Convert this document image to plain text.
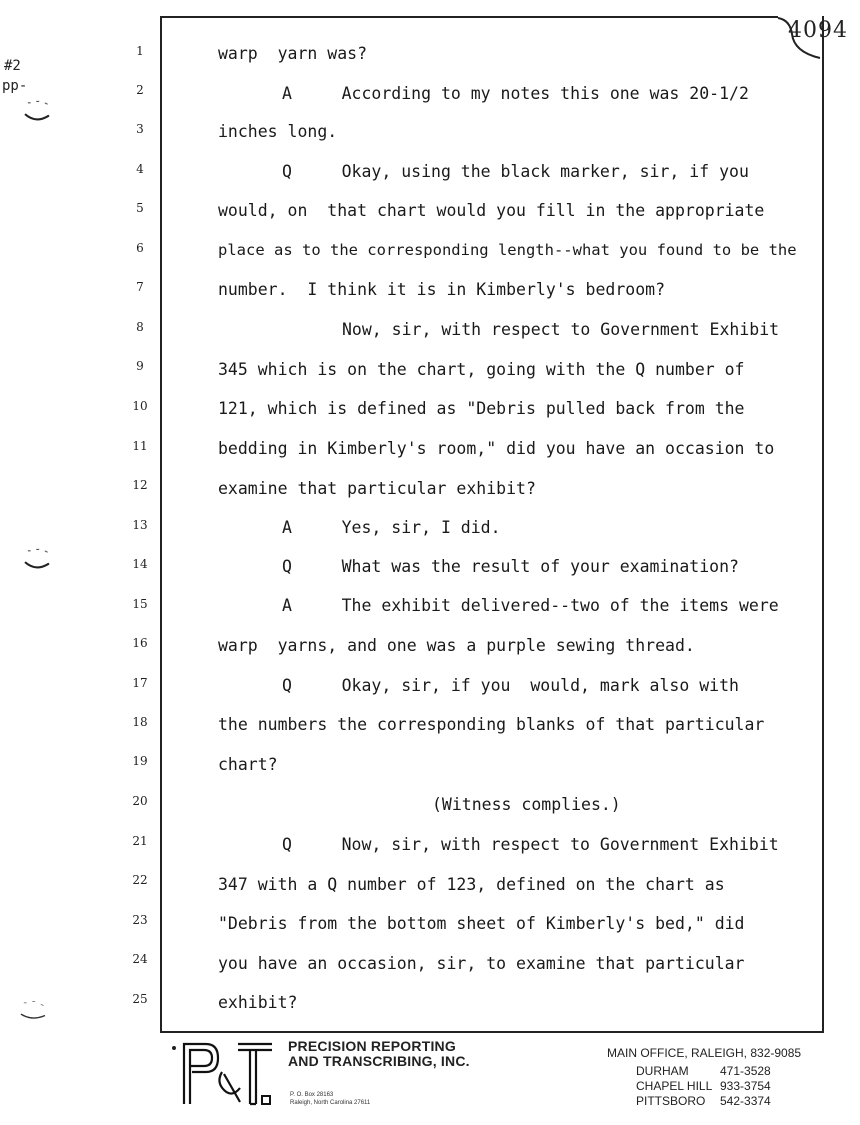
#2
pp-
4094
1
2
3
4
5
6
7
8
9
10
11
12
13
14
15
16
17
18
19
20
21
22
23
24
25
warp  yarn was?
A     According to my notes this one was 20-1/2
inches long.
Q     Okay, using the black marker, sir, if you
would, on  that chart would you fill in the appropriate
place as to the corresponding length--what you found to be the
number.  I think it is in Kimberly's bedroom?
Now, sir, with respect to Government Exhibit
345 which is on the chart, going with the Q number of
121, which is defined as "Debris pulled back from the
bedding in Kimberly's room," did you have an occasion to
examine that particular exhibit?
A     Yes, sir, I did.
Q     What was the result of your examination?
A     The exhibit delivered--two of the items were
warp  yarns, and one was a purple sewing thread.
Q     Okay, sir, if you  would, mark also with
the numbers the corresponding blanks of that particular
chart?
(Witness complies.)
Q     Now, sir, with respect to Government Exhibit
347 with a Q number of 123, defined on the chart as
"Debris from the bottom sheet of Kimberly's bed," did
you have an occasion, sir, to examine that particular
exhibit?
PRECISION REPORTING
AND TRANSCRIBING, INC.
P. O. Box 28163
Raleigh, North Carolina 27611
MAIN OFFICE, RALEIGH, 832-9085
DURHAM	471-3528
CHAPEL HILL 933-3754
PITTSBORO 542-3374
